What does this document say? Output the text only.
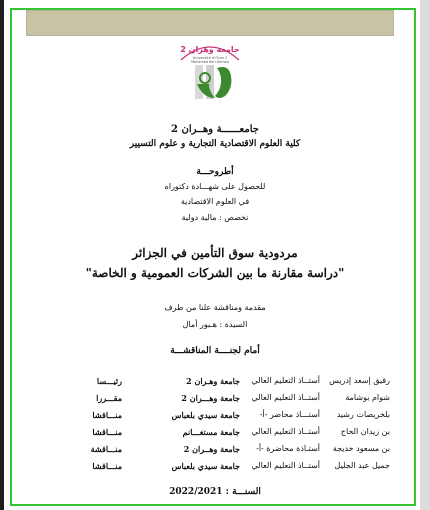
جامعة وهران 2
Université d'Oran 2
Mohamed Ben Ahmed
جامعــــــة وهــران 2
كلية العلوم الاقتصادية التجارية و علوم التسيير
أطروحـــة
للحصول على شهـــادة دكتوراه
في العلوم الاقتصادية
تخصص : مالية دولية
مردودية سوق التأمين في الجزائر
"دراسة مقارنة ما بين الشركات العمومية و الخاصة"
مقدمة ومناقشة علنا من طرف
السيدة : هـبور أمال
أمام لجنــــة المناقشـــة
رقيق إسعد إدريس
أستــاذ التعليم العالي
جامعة وهـران 2
رئيـــسا
شوام بوشامة
أستــاذ التعليم العالي
جامعة وهـــران 2
مقـــررا
بلخريصات رشيد
أستـــاذ محاضر -أ-
جامعة سيدي بلعباس
منـــاقشا
بن زيدان الحاج
أستــاذ التعليم العالي
جامعة مستغـــانم
منـــاقشا
بن مسعود خديجة
أستـاذة محاضرة -أ-
جامعة وهــران 2
منـــاقشة
جميل عبد الجليل
أستــاذ التعليم العالي
جامعة سيدي بلعباس
منـــاقشا
السنـــة : 2022/2021
